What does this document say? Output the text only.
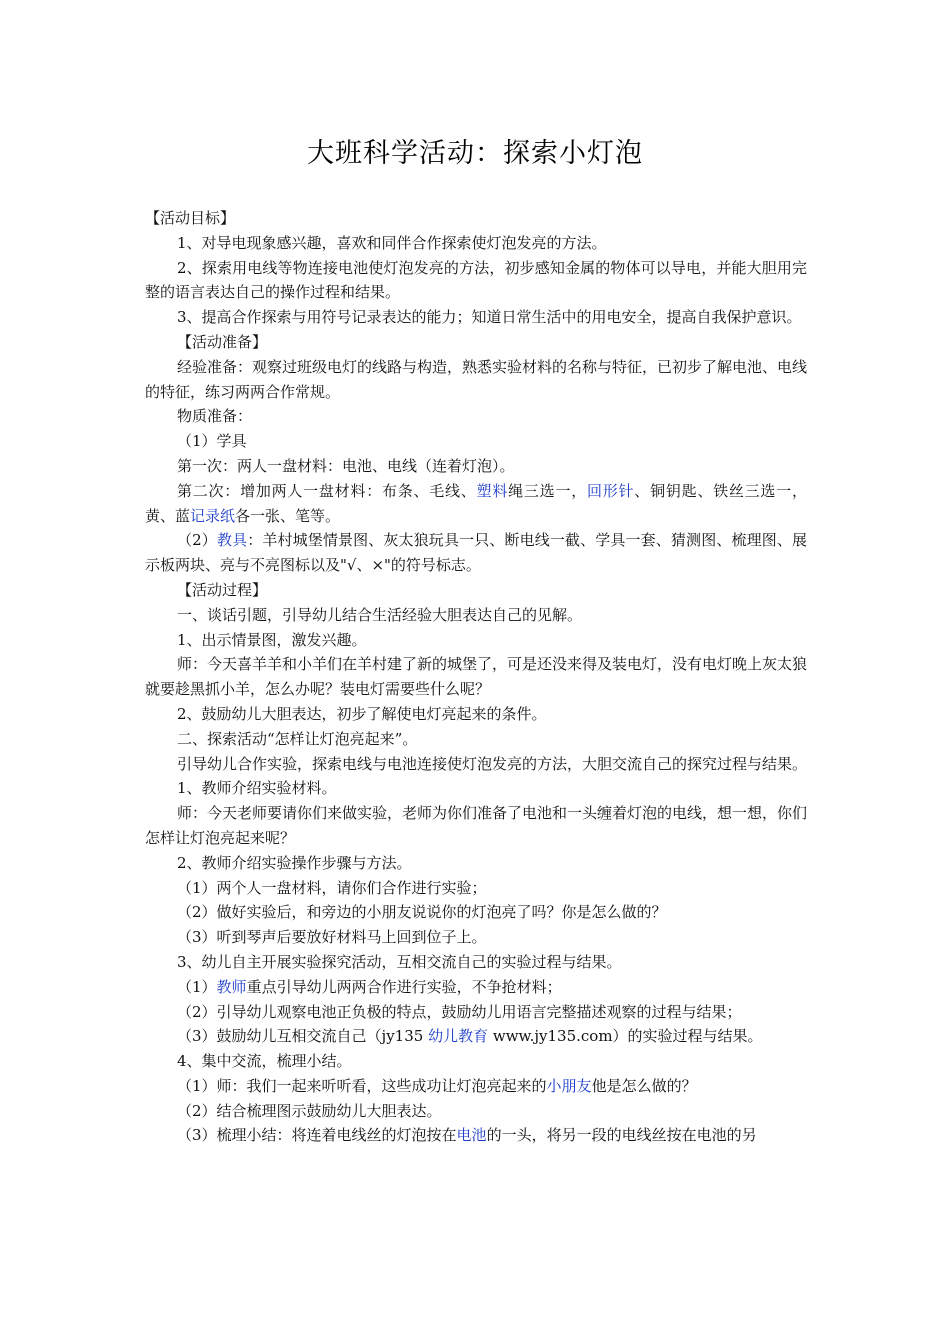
大班科学活动：探索小灯泡

【活动目标】

1、对导电现象感兴趣，喜欢和同伴合作探索使灯泡发亮的方法。

2、探索用电线等物连接电池使灯泡发亮的方法，初步感知金属的物体可以导电，并能大胆用完整的语言表达自己的操作过程和结果。

3、提高合作探索与用符号记录表达的能力；知道日常生活中的用电安全，提高自我保护意识。

【活动准备】

经验准备：观察过班级电灯的线路与构造，熟悉实验材料的名称与特征，已初步了解电池、电线的特征，练习两两合作常规。

物质准备：

（1）学具

第一次：两人一盘材料：电池、电线（连着灯泡）。

第二次：增加两人一盘材料：布条、毛线、塑料绳三选一，回形针、铜钥匙、铁丝三选一，黄、蓝记录纸各一张、笔等。

（2）教具：羊村城堡情景图、灰太狼玩具一只、断电线一截、学具一套、猜测图、梳理图、展示板两块、亮与不亮图标以及"√、×"的符号标志。

【活动过程】

一、谈话引题，引导幼儿结合生活经验大胆表达自己的见解。

1、出示情景图，激发兴趣。

师：今天喜羊羊和小羊们在羊村建了新的城堡了，可是还没来得及装电灯，没有电灯晚上灰太狼就要趁黑抓小羊，怎么办呢？装电灯需要些什么呢？

2、鼓励幼儿大胆表达，初步了解使电灯亮起来的条件。

二、探索活动“怎样让灯泡亮起来”。

引导幼儿合作实验，探索电线与电池连接使灯泡发亮的方法，大胆交流自己的探究过程与结果。

1、教师介绍实验材料。

师：今天老师要请你们来做实验，老师为你们准备了电池和一头缠着灯泡的电线，想一想，你们怎样让灯泡亮起来呢？

2、教师介绍实验操作步骤与方法。

（1）两个人一盘材料，请你们合作进行实验；

（2）做好实验后，和旁边的小朋友说说你的灯泡亮了吗？你是怎么做的？

（3）听到琴声后要放好材料马上回到位子上。

3、幼儿自主开展实验探究活动，互相交流自己的实验过程与结果。

（1）教师重点引导幼儿两两合作进行实验，不争抢材料；

（2）引导幼儿观察电池正负极的特点，鼓励幼儿用语言完整描述观察的过程与结果；

（3）鼓励幼儿互相交流自己（jy135 幼儿教育 www.jy135.com）的实验过程与结果。

4、集中交流，梳理小结。

（1）师：我们一起来听听看，这些成功让灯泡亮起来的小朋友他是怎么做的？

（2）结合梳理图示鼓励幼儿大胆表达。

（3）梳理小结：将连着电线丝的灯泡按在电池的一头，将另一段的电线丝按在电池的另
